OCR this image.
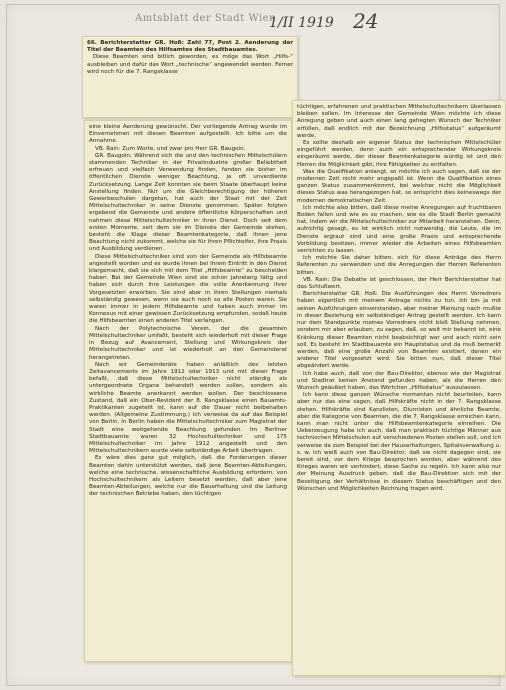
Amtsblatt der Stadt Wien
1/II 1919 24

66. Berichterstatter GR. Hoß: Zahl 77, Post 2. Aenderung der Titel der Beamten des Hilfsamtes des Stadtbauamtes.

Diese Beamten sind bitlich geworden, es möge das Wort „Hilfs-“ ausbleiben und dafür das Wort „technische“ angewendet werden. Ferner wird noch für die 7. Rangsklasse

eine kleine Aenderung gewünscht. Der vorliegende Antrag wurde im Einvernehmen mit diesen Beamten aufgestellt. Ich bitte um die Annahme.

VB. Rain: Zum Worte, und zwar pro Herr GR. Baugoin.

GR. Baugoin: Während sich die und den technischen Mittelschülern stammenden Techniker in der Privatindustrie großer Beliebtheit erfreuen und vielfach Verwendung finden, fanden sie bisher im öffentlichen Dienste weniger Beachtung, ja oft unverdiente Zurücksetzung. Lange Zeit konnten sie beim Staate überhaupt keine Anstellung finden. Nur um die Gleichberechtigung der höheren Gewerbeschulen dargetan, hat auch der Staat mit der Zeit Mittelschultechniker in seine Dienste genommen. Später folgten ergebend die Gemeinde und andere öffentliche Körperschaften und nahmen diese Mittelschultechniker in ihren Dienst. Doch seit dem ersten Momente, seit dem sie im Dienste der Gemeinde stehen, besteht die Klage dieser Beamtenkategorie, daß ihnen jene Beachtung nicht zukommt, welche sie für ihren Pflichteifer, ihre Praxis und Ausbildung verdienen.

Diese Mittelschultechniker sind von der Gemeinde als Hilfsbeamte angestellt worden und es wurde ihnen bei ihrem Eintritt in den Dienst klargemacht, daß sie sich mit dem Titel „Hilfsbeamte“ zu bescheiden haben. Bei der Gemeinde Wien sind sie schon jahrelang tätig und haben sich durch ihre Leistungen die volle Anerkennung ihrer Vorgesetzten erworben. Sie sind aber in ihren Stellungen niemals selbständig gewesen, wenn sie auch noch so alle Posten waren. Sie waren immer in jedem Hilfsbeamte und haben auch immer im Konnexus mit einer gewissen Zurücksetzung empfunden, sodaß heute die Hilfsbeamten einen anderen Titel verlangen.

Nach der Polytechnische Verein, der die gesamten Mittelschultechniker umfaßt, besteht sich wiederholt mit dieser Frage in Bezug auf Avancement, Stellung und Wirkungskreis der Mittelschultechniker und ist wiederholt an den Gemeinderat herangetreten.

Nach wir Gemeinderäte haben anläßlich des letzten Zeitavancements im Jahre 1912 oder 1913 und mit dieser Frage befaßt, daß diese Mittelschultechniker nicht ständig als untergeordnete Organe behandelt werden sollen, sondern als wirkliche Beamte anerkannt werden wollen. Der beschlossene Zustand, daß ein Ober-Revident der 8. Rangsklasse einen Bauamts-Praktikanten zugeteilt ist, kann auf die Dauer nicht beibehalten werden. (Allgemeine Zustimmung.) Ich verweise da auf das Beispiel von Berlin. In Berlin haben die Mittelschultechniker zum Magistrat der Stadt eine weitgehende Beachtung gefunden. Im Berliner Stadtbauamte waren 32 Hochschultechniker und 175 Mittelschultechniker im Jahre 1912 angestellt und den Mittelschultechnikern wurde viele selbständige Arbeit übertragen.

Es wäre dies ganz gut möglich, daß die Forderungen dieser Beamten dahin unterstützt werden, daß jene Beamten-Abteilungen, welche eine technische, wissenschaftliche Ausbildung erfordern, von Hochschultechnikern als Leitern besetzt werden, daß aber jene Beamten-Abteilungen, welche nur die Bauerhaltung und die Leitung der technischen Betriebe haben, den tüchtigen

tüchtigen, erfahrenen und praktischen Mittelschultechnikern überlassen bleiben sollen. Im Interesse der Gemeinde Wien möchte ich diese Anregung geben und auch einen lang gehegten Wunsch der Techniker erfüllen, daß endlich mit der Bezeichnung „Hilfsstatus“ aufgeräumt werde.

Es sollte deshalb ein eigener Status der technischen Mittelschüler eingeführt werden, denn auch ein entsprechender Wirkungskreis eingeräumt werde, der dieser Beamtenkategorie würdig ist und den Herren die Möglichkeit gibt, ihre Fähigkeiten zu entfalten.

Was die Qualifikation anlangt, so möchte ich auch sagen, daß sie der modernen Zeit nicht mehr angepaßt ist. Wenn die Qualifikation eines ganzen Status zusammenkommt, bei welcher nicht die Möglichkeit dieses Status was herangezogen hat, so entspricht dies keineswegs der modernen demokratischen Zeit.

Ich möchte also bitten, daß diese meine Anregungen auf fruchtbaren Boden fallen und wie es so machen, wie es die Stadt Berlin gemacht hat, indem wir die Mittelschultechniker zur Mitarbeit heranziehen. Denn, aufrichtig gesagt, es ist wirklich nicht notwendig, die Leute, die im Dienste ergraut sind und eine große Praxis und entsprechende Vorbildung besitzen, immer wieder die Arbeiten eines Hilfsbeamten verrichten zu lassen.

Ich möchte Sie daher bitten, sich für diese Anträge des Herrn Referenten zu verwenden und die Anregungen der Herren Referenten bitten.

VB. Rain: Die Debatte ist geschlossen, der Herr Berichterstatter hat das Schlußwort.

Berichterstatter GR. Hoß: Die Ausführungen des Herrn Vorredners haben eigentlich mit meinem Antrage nichts zu tun. Ich bin ja mit seinen Ausführungen einverstanden, aber meiner Meinung nach mußte in dieser Beziehung ein selbständiger Antrag gestellt werden. Ich kann nur dem Standpunkte meines Vorredners nicht bloß Stellung nehmen, sondern mir aber erlauben, zu sagen, daß, so weit mir bekannt ist, eine Kränkung dieser Beamten nicht beabsichtigt war und auch nicht sein soll. Es besteht im Stadtbauamte ein Hauptstatus und da muß bemerkt werden, daß eine große Anzahl von Beamten existiert, denen ein anderer Titel vorgesetzt wird. Sie bitten nun, daß dieser Titel abgeändert werde.

Ich habe auch, daß von der Bau-Direktor, ebenso wie der Magistrat und Stadtrat keinen Anstand gefunden haben, als die Herren den Wunsch geäußert haben, das Wörtchen „Hilfsstatus“ auszulassen.

Ich kann diese ganzen Wünsche momentan nicht beurteilen, kann aber nur das eine sagen, daß Hilfskräfte nicht in der 7. Rangsklasse stehen. Hilfskräfte sind Kanzlisten, Diurnisten und ähnliche Beamte, aber die Kategorie von Beamten, die die 7. Rangsklasse erreichen kann, kann man nicht unter die Hilfsbeamtenkategorie einreihen. Die Ueberzeugung habe ich auch, daß man praktisch tüchtige Männer aus technischen Mittelschulen auf verschiedenen Posten stellen soll, und ich verweise da zum Beispiel bei der Hauserhaltungen, Spitalsverwaltung u. s. w. Ich weiß auch von Bau-Direktor, daß sie nicht dagegen sind, sie bereit sind, vor dem Kriege besprochen worden, aber während des Krieges waren wir verhindert, diese Sache zu regeln. Ich kann also nur der Meinung Ausdruck geben, daß die Bau-Direktion sich mit der Beseitigung der Verhältnisse in diesem Status beschäftigen und den Wünschen und Möglichkeiten Rechnung tragen wird.
